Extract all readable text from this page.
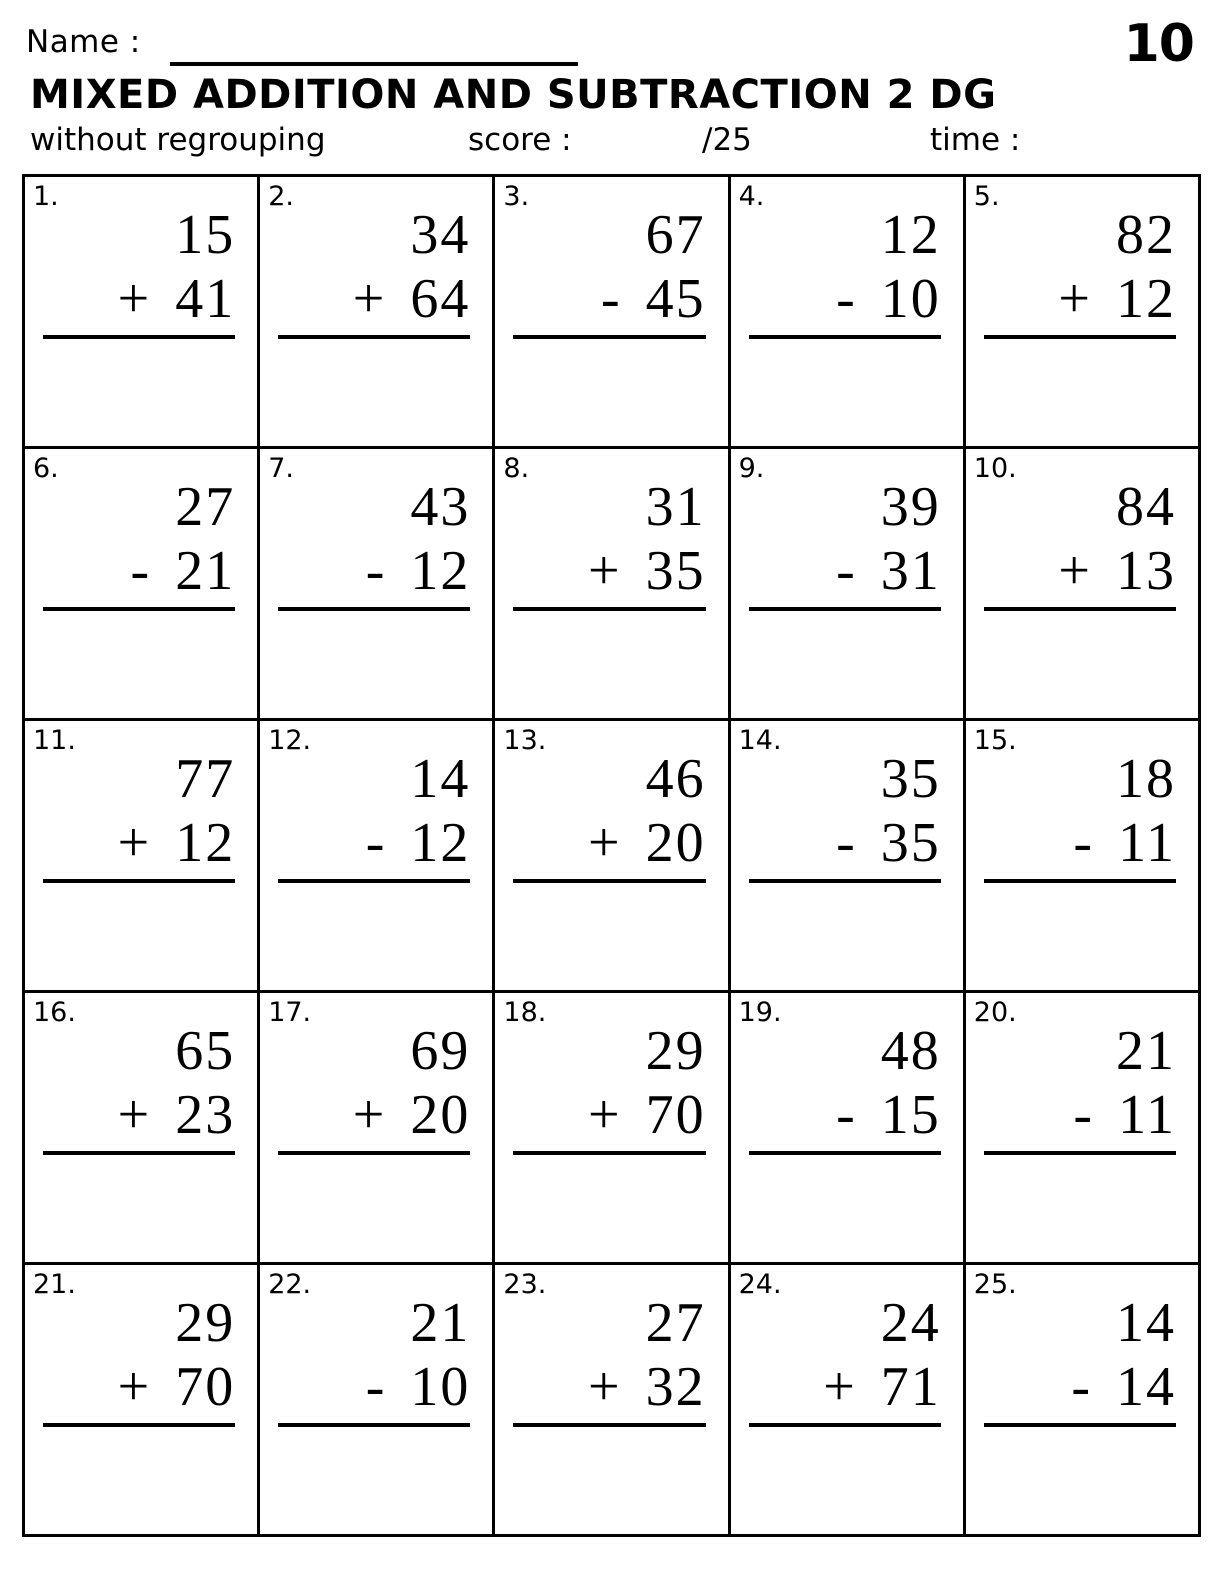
Name :	10
MIXED ADDITION AND SUBTRACTION 2 DG
without regrouping	score :	/25	time :
1.
15
+ 41
2.
34
+ 64
3.
67
- 45
4.
12
- 10
5.
82
+ 12
6.
27
- 21
7.
43
- 12
8.
31
+ 35
9.
39
- 31
10.
84
+ 13
11.
77
+ 12
12.
14
- 12
13.
46
+ 20
14.
35
- 35
15.
18
- 11
16.
65
+ 23
17.
69
+ 20
18.
29
+ 70
19.
48
- 15
20.
21
- 11
21.
29
+ 70
22.
21
- 10
23.
27
+ 32
24.
24
+ 71
25.
14
- 14
